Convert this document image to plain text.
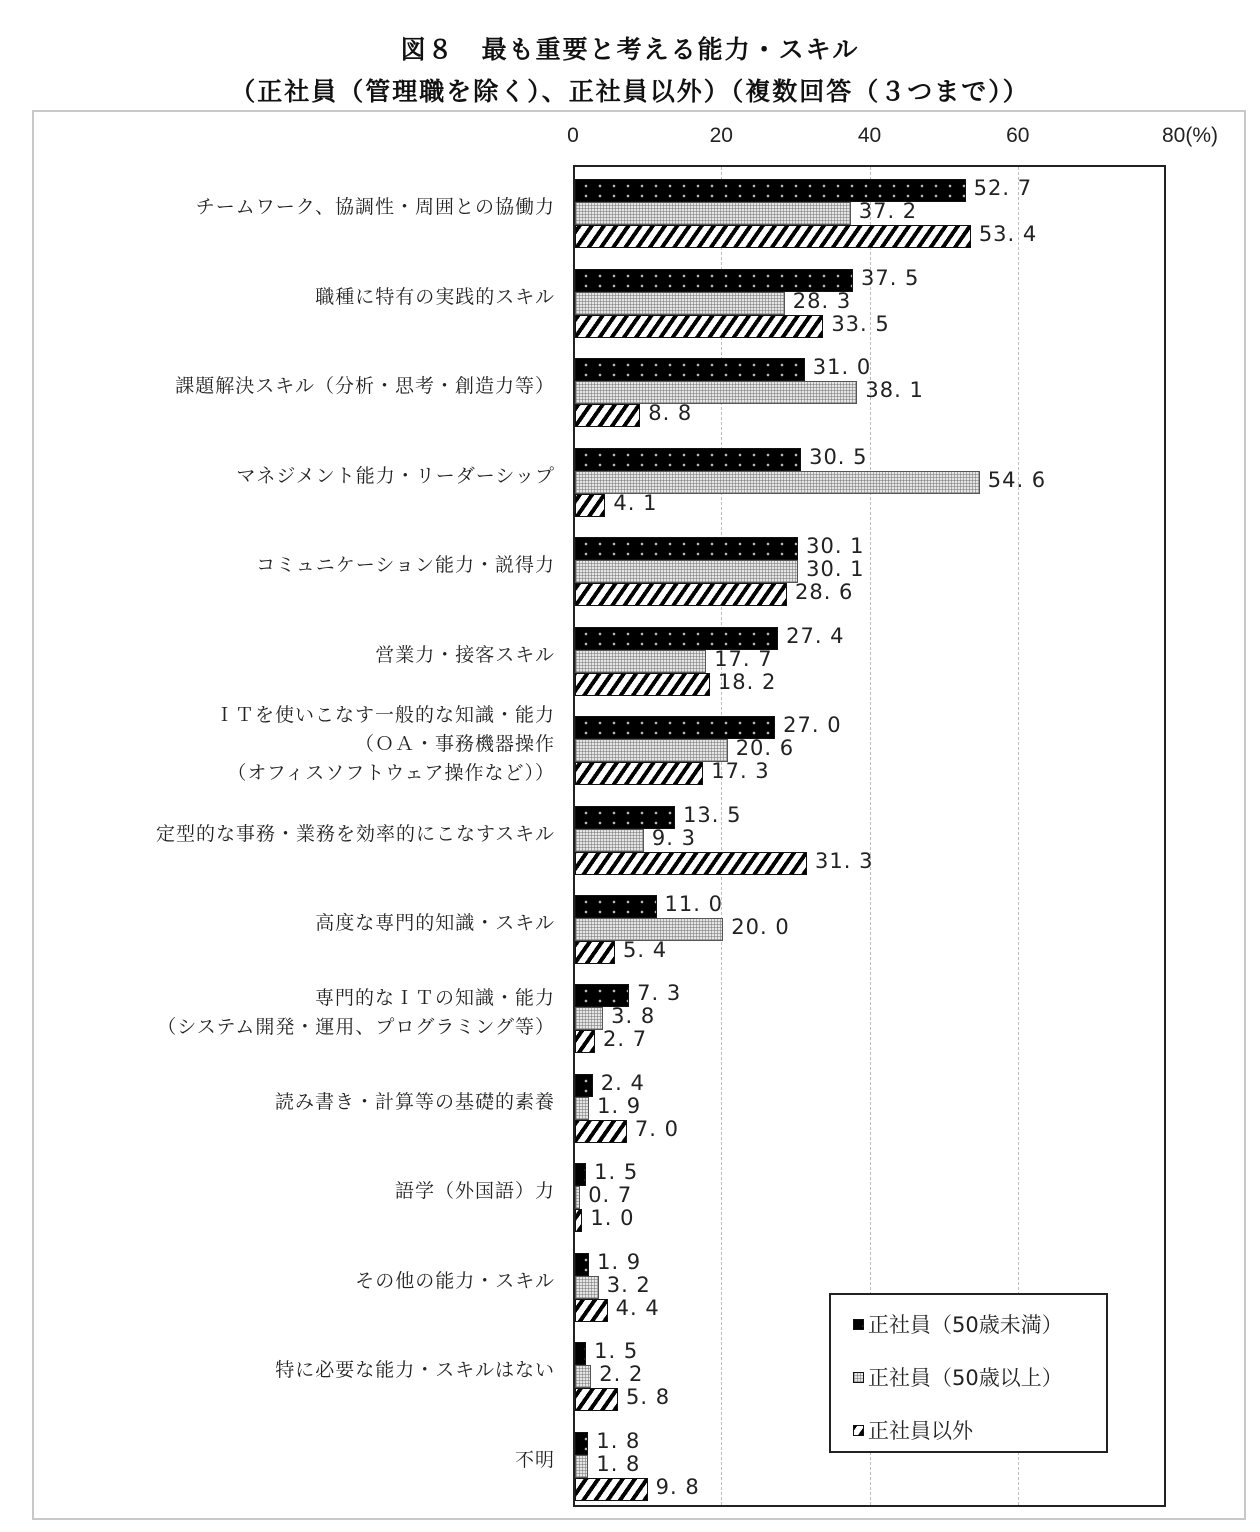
図８　最も重要と考える能力・スキル
（正社員（管理職を除く）、正社員以外）（複数回答（３つまで））
0	20	40	60	80(%)
チームワーク、協調性・周囲との協働力
職種に特有の実践的スキル
課題解決スキル（分析・思考・創造力等）
マネジメント能力・リーダーシップ
コミュニケーション能力・説得力
営業力・接客スキル
ＩＴを使いこなす一般的な知識・能力
（ＯＡ・事務機器操作
（オフィスソフトウェア操作など））
定型的な事務・業務を効率的にこなすスキル
高度な専門的知識・スキル
専門的なＩＴの知識・能力
（システム開発・運用、プログラミング等）
読み書き・計算等の基礎的素養
語学（外国語）力
その他の能力・スキル
特に必要な能力・スキルはない
不明
52. 7
37. 2
53. 4
37. 5
28. 3
33. 5
31. 0
38. 1
8. 8
30. 5
54. 6
4. 1
30. 1
30. 1
28. 6
27. 4
17. 7
18. 2
27. 0
20. 6
17. 3
13. 5
9. 3
31. 3
11. 0
20. 0
5. 4
7. 3
3. 8
2. 7
2. 4
1. 9
7. 0
1. 5
0. 7
1. 0
1. 9
3. 2
4. 4
1. 5
2. 2
5. 8
1. 8
1. 8
9. 8
正社員（50歳未満）
正社員（50歳以上）
正社員以外
